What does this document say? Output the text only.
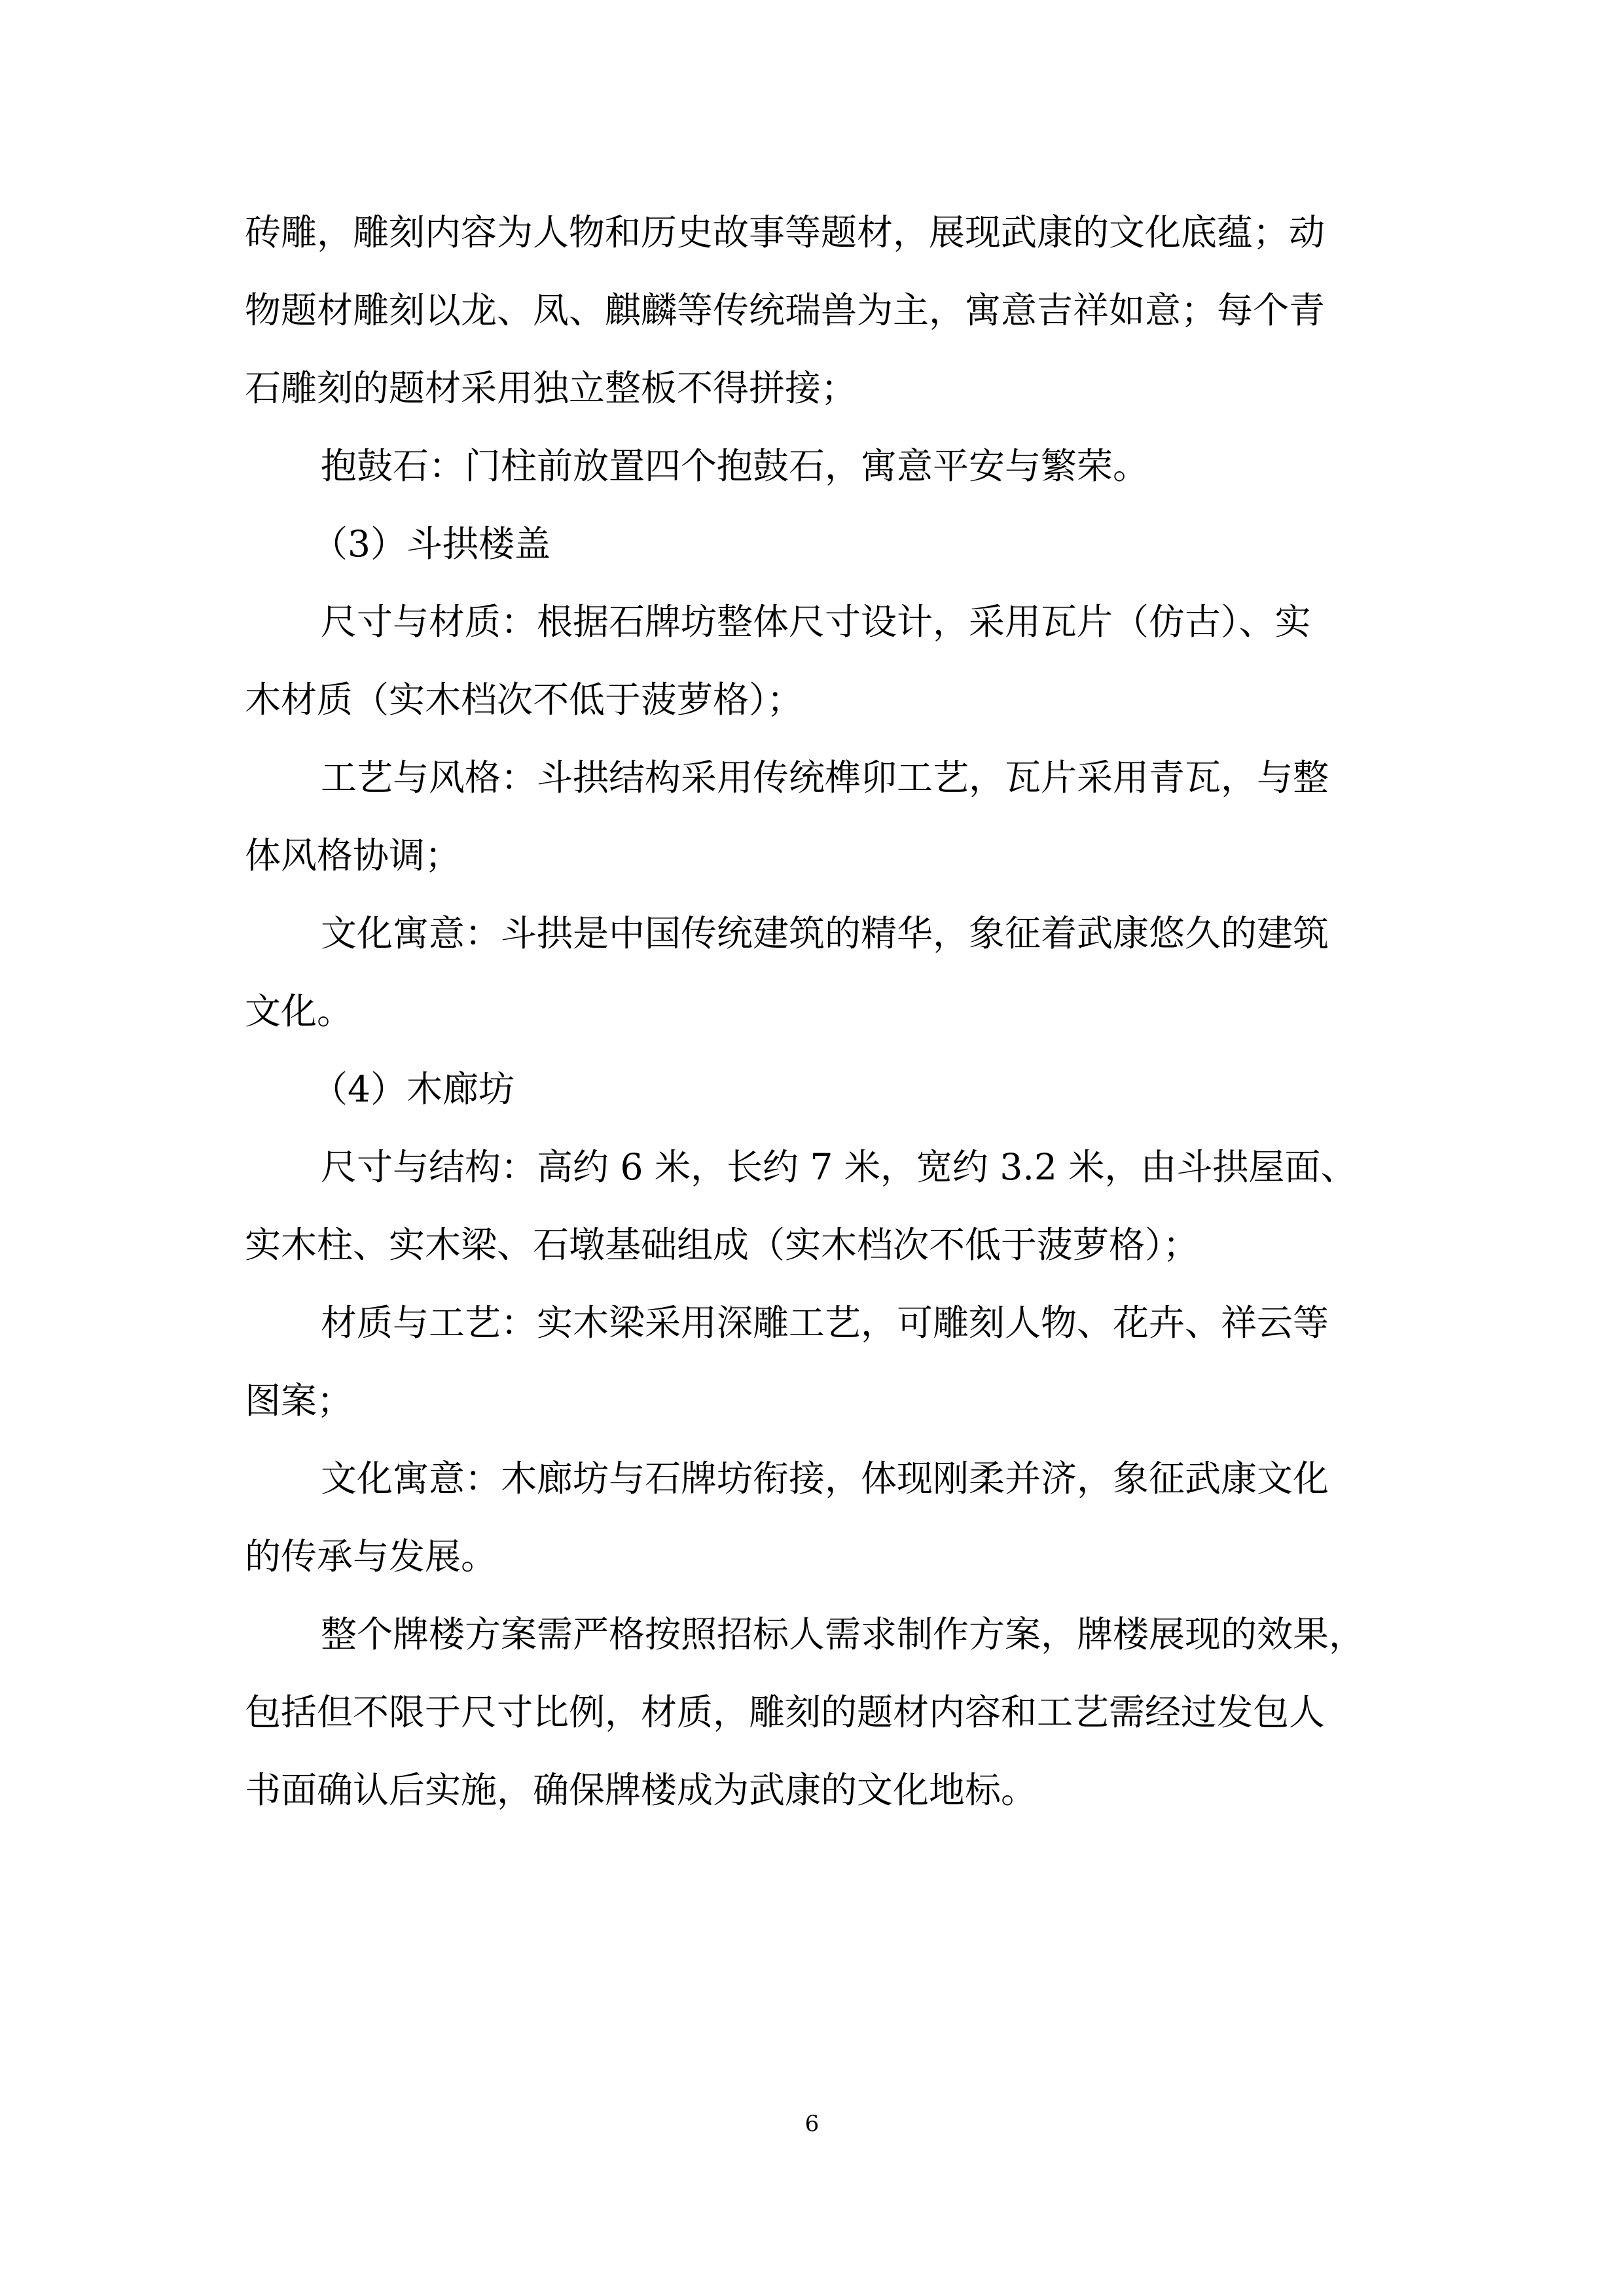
砖雕，雕刻内容为人物和历史故事等题材，展现武康的文化底蕴；动
物题材雕刻以龙、凤、麒麟等传统瑞兽为主，寓意吉祥如意；每个青
石雕刻的题材采用独立整板不得拼接；
抱鼓石：门柱前放置四个抱鼓石，寓意平安与繁荣。
（3）斗拱楼盖
尺寸与材质：根据石牌坊整体尺寸设计，采用瓦片（仿古）、实
木材质（实木档次不低于菠萝格）；
工艺与风格：斗拱结构采用传统榫卯工艺，瓦片采用青瓦，与整
体风格协调；
文化寓意：斗拱是中国传统建筑的精华，象征着武康悠久的建筑
文化。
（4）木廊坊
尺寸与结构：高约 6 米，长约 7 米，宽约 3.2 米，由斗拱屋面、
实木柱、实木梁、石墩基础组成（实木档次不低于菠萝格）；
材质与工艺：实木梁采用深雕工艺，可雕刻人物、花卉、祥云等
图案；
文化寓意：木廊坊与石牌坊衔接，体现刚柔并济，象征武康文化
的传承与发展。
整个牌楼方案需严格按照招标人需求制作方案，牌楼展现的效果，
包括但不限于尺寸比例，材质，雕刻的题材内容和工艺需经过发包人
书面确认后实施，确保牌楼成为武康的文化地标。
6
